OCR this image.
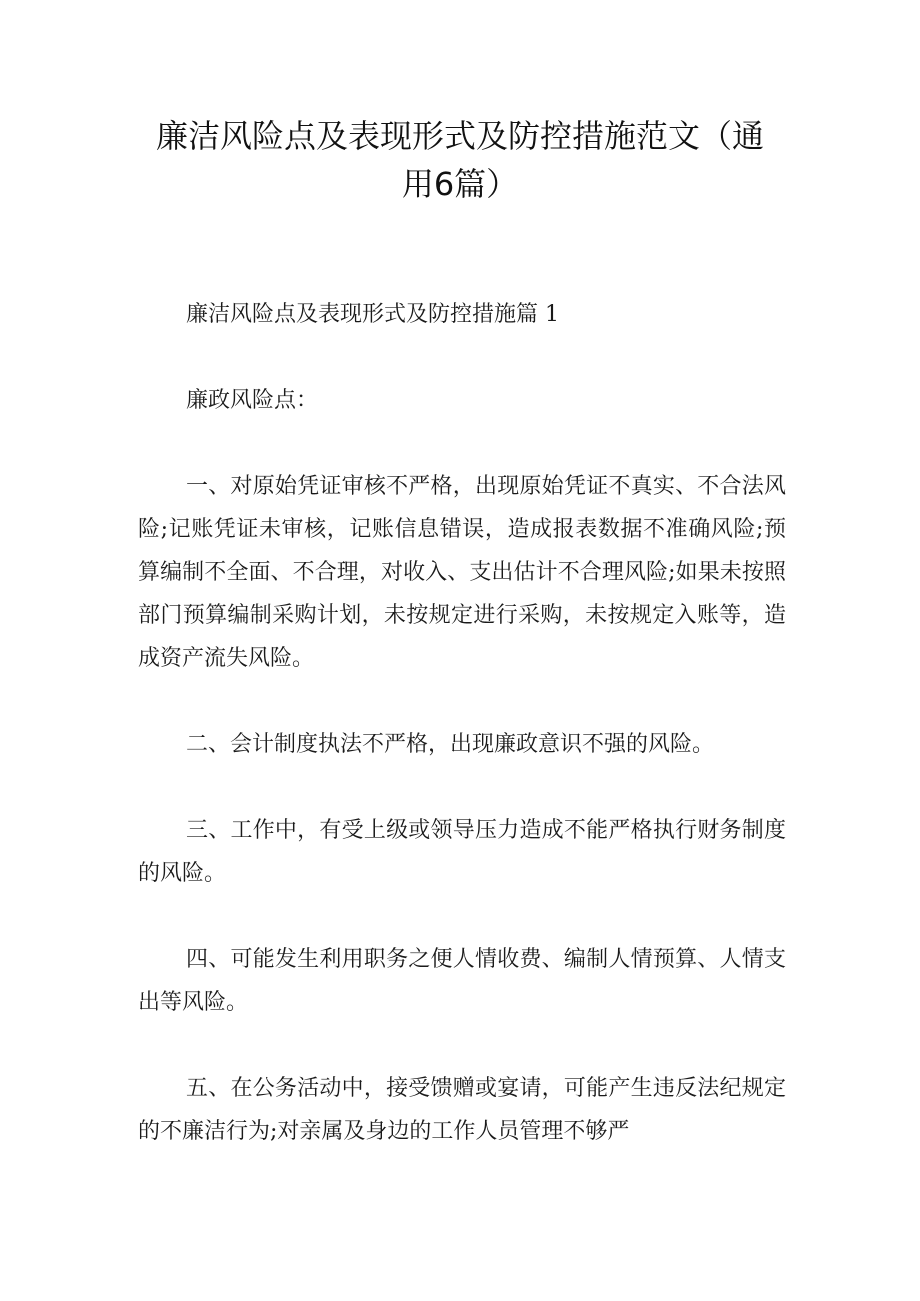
廉洁风险点及表现形式及防控措施范文（通用6篇）

廉洁风险点及表现形式及防控措施篇 1

廉政风险点：

一、对原始凭证审核不严格，出现原始凭证不真实、不合法风险;记账凭证未审核，记账信息错误，造成报表数据不准确风险;预算编制不全面、不合理，对收入、支出估计不合理风险;如果未按照部门预算编制采购计划，未按规定进行采购，未按规定入账等，造成资产流失风险。

二、会计制度执法不严格，出现廉政意识不强的风险。

三、工作中，有受上级或领导压力造成不能严格执行财务制度的风险。

四、可能发生利用职务之便人情收费、编制人情预算、人情支出等风险。

五、在公务活动中，接受馈赠或宴请，可能产生违反法纪规定的不廉洁行为;对亲属及身边的工作人员管理不够严
